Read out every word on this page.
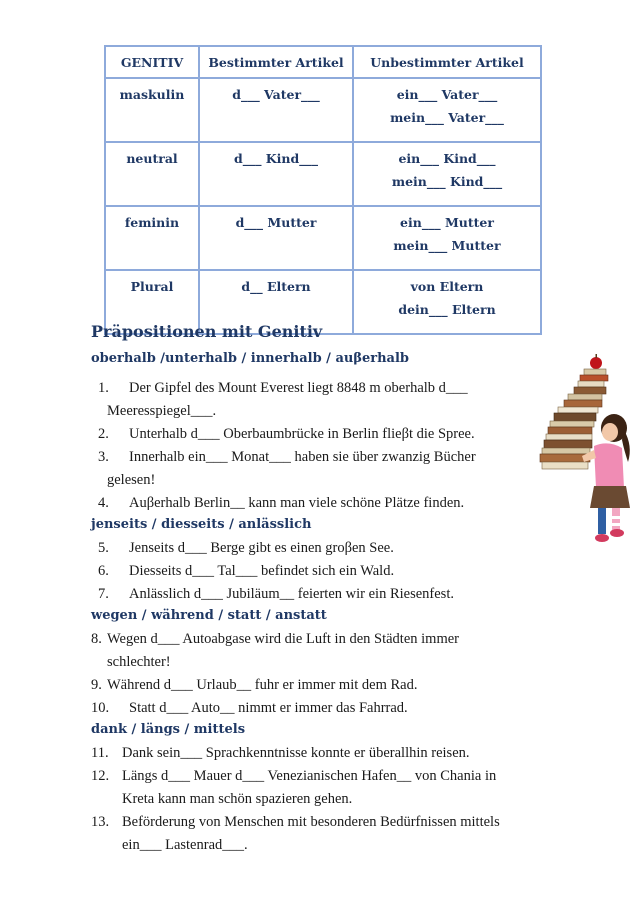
GENITIV	Bestimmter Artikel	Unbestimmter Artikel
maskulin	d___ Vater___	ein___ Vater___
mein___ Vater___

neutral	d___ Kind___	ein___ Kind___
mein___ Kind___

feminin	d___ Mutter	ein___ Mutter
mein___ Mutter

Plural	d__ Eltern	von Eltern
dein___ Eltern
Präpositionen mit Genitiv

oberhalb /unterhalb / innerhalb / auβerhalb

1. Der Gipfel des Mount Everest liegt 8848 m oberhalb d___

Meeresspiegel___.

2. Unterhalb d___ Oberbaumbrücke in Berlin flieβt die Spree.

3. Innerhalb ein___ Monat___ haben sie über zwanzig Bücher

gelesen!

4. Auβerhalb Berlin__ kann man viele schöne Plätze finden.

jenseits / diesseits / anlässlich

5. Jenseits d___ Berge gibt es einen groβen See.

6. Diesseits d___ Tal___ befindet sich ein Wald.

7. Anlässlich d___ Jubiläum__ feierten wir ein Riesenfest.

wegen / während / statt / anstatt

8. Wegen d___ Autoabgase wird die Luft in den Städten immer

schlechter!

9. Während d___ Urlaub__ fuhr er immer mit dem Rad.

10. Statt d___ Auto__ nimmt er immer das Fahrrad.

dank / längs / mittels

11. Dank sein___ Sprachkenntnisse konnte er überallhin reisen.

12. Längs d___ Mauer d___ Venezianischen Hafen__ von Chania in

Kreta kann man schön spazieren gehen.

13. Beförderung von Menschen mit besonderen Bedürfnissen mittels

ein___ Lastenrad___.
